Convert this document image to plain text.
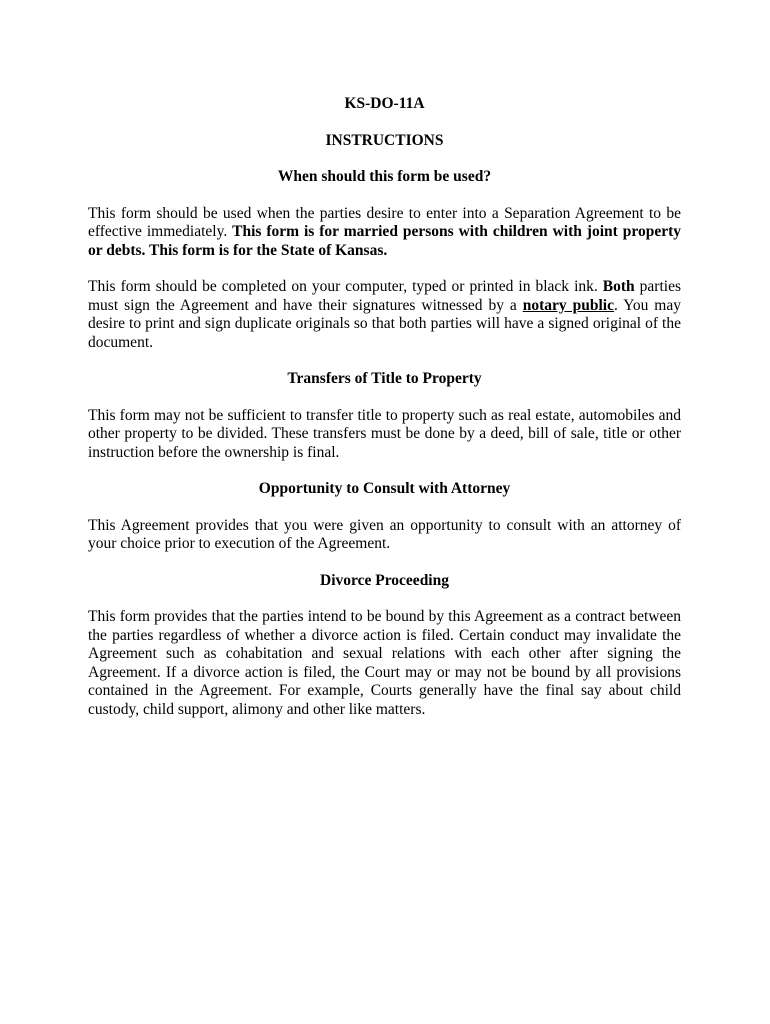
KS-DO-11A
INSTRUCTIONS
When should this form be used?
This form should be used when the parties desire to enter into a Separation Agreement to be effective immediately. This form is for married persons with children with joint property or debts. This form is for the State of Kansas.
This form should be completed on your computer, typed or printed in black ink. Both parties must sign the Agreement and have their signatures witnessed by a notary public. You may desire to print and sign duplicate originals so that both parties will have a signed original of the document.
Transfers of Title to Property
This form may not be sufficient to transfer title to property such as real estate, automobiles and other property to be divided. These transfers must be done by a deed, bill of sale, title or other instruction before the ownership is final.
Opportunity to Consult with Attorney
This Agreement provides that you were given an opportunity to consult with an attorney of your choice prior to execution of the Agreement.
Divorce Proceeding
This form provides that the parties intend to be bound by this Agreement as a contract between the parties regardless of whether a divorce action is filed. Certain conduct may invalidate the Agreement such as cohabitation and sexual relations with each other after signing the Agreement. If a divorce action is filed, the Court may or may not be bound by all provisions contained in the Agreement. For example, Courts generally have the final say about child custody, child support, alimony and other like matters.
